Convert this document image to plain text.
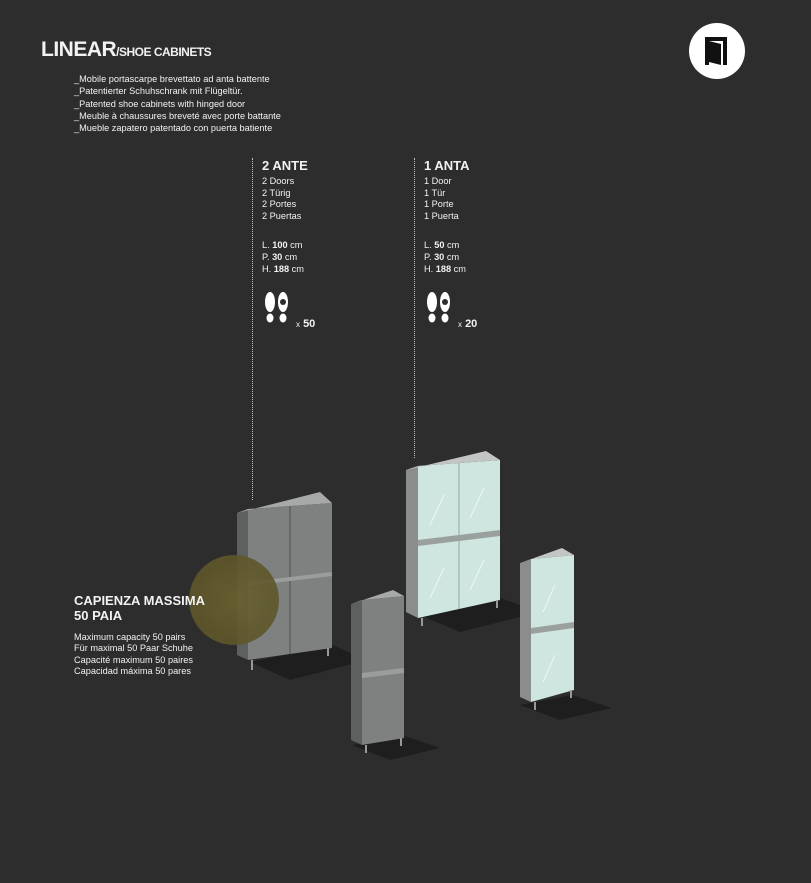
LINEAR/SHOE CABINETS
_Mobile portascarpe brevettato ad anta battente
_Patentierter Schuhschrank mit Flügeltür.
_Patented shoe cabinets with hinged door
_Meuble à chaussures breveté avec porte battante
_Mueble zapatero patentado con puerta batiente
2 ANTE
2 Doors
2 Türig
2 Portes
2 Puertas
L. 100 cm
P. 30 cm
H. 188 cm
x 50
1 ANTA
1 Door
1 Tür
1 Porte
1 Puerta
L. 50 cm
P. 30 cm
H. 188 cm
x 20
CAPIENZA MASSIMA
50 PAIA
Maximum capacity 50 pairs
Für maximal 50 Paar Schuhe
Capacité maximum 50 paires
Capacidad máxima 50 pares
